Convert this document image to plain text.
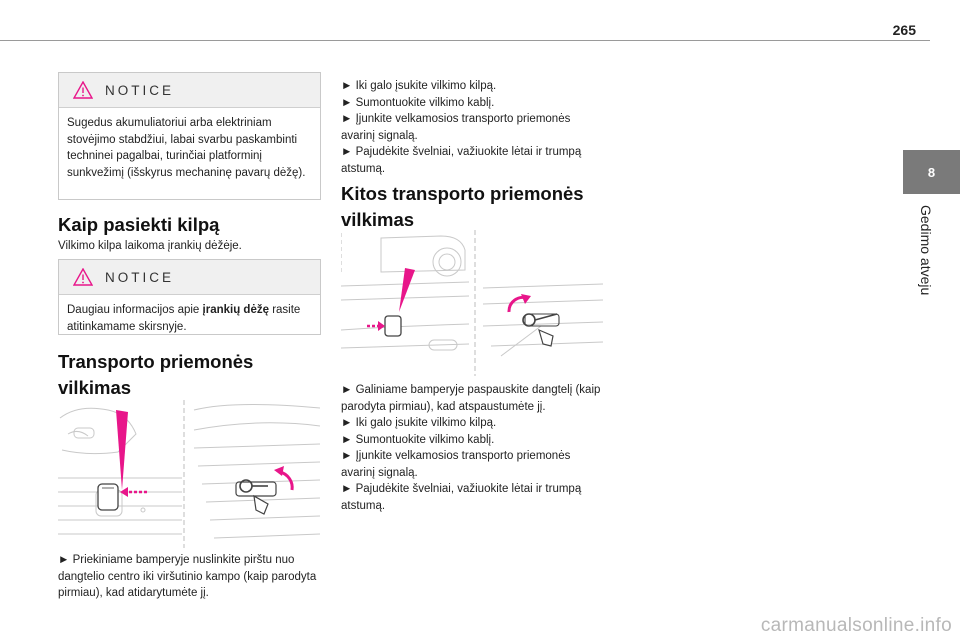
265
8
Gedimo atveju
NOTICE
Sugedus akumuliatoriui arba elektriniam stovėjimo stabdžiui, labai svarbu paskambinti techninei pagalbai, turinčiai platforminį sunkvežimį (išskyrus mechaninę pavarų dėžę).
Kaip pasiekti kilpą

Vilkimo kilpa laikoma įrankių dėžėje.

NOTICE
Daugiau informacijos apie įrankių dėžę rasite atitinkamame skirsnyje.
Transporto priemonės vilkimas

► Priekiniame bamperyje nuslinkite pirštu nuo dangtelio centro iki viršutinio kampo (kaip parodyta pirmiau), kad atidarytumėte jį.

► Iki galo įsukite vilkimo kilpą.
► Sumontuokite vilkimo kablį.
► Įjunkite velkamosios transporto priemonės avarinį signalą.
► Pajudėkite švelniai, važiuokite lėtai ir trumpą atstumą.
Kitos transporto priemonės vilkimas
► Galiniame bamperyje paspauskite dangtelį (kaip parodyta pirmiau), kad atspaustumėte jį.
► Iki galo įsukite vilkimo kilpą.
► Sumontuokite vilkimo kablį.
► Įjunkite velkamosios transporto priemonės avarinį signalą.
► Pajudėkite švelniai, važiuokite lėtai ir trumpą atstumą.
carmanualsonline.info
